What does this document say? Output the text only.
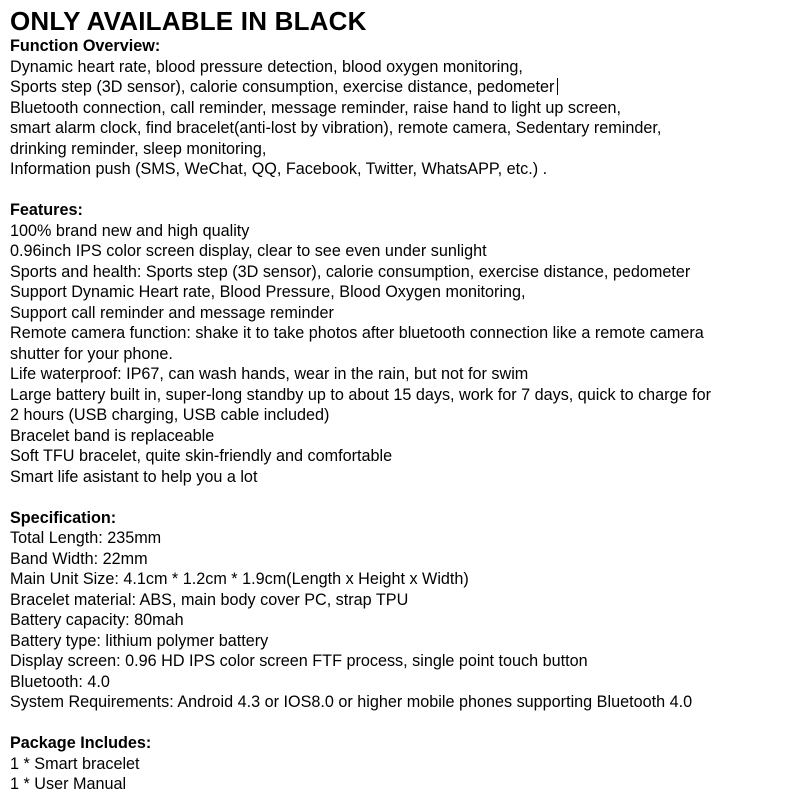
ONLY AVAILABLE IN BLACK

Function Overview:

Dynamic heart rate, blood pressure detection, blood oxygen monitoring,

Sports step (3D sensor), calorie consumption, exercise distance, pedometer

Bluetooth connection, call reminder, message reminder, raise hand to light up screen,

smart alarm clock, find bracelet(anti-lost by vibration), remote camera, Sedentary reminder,

drinking reminder, sleep monitoring,

Information push (SMS, WeChat, QQ, Facebook, Twitter, WhatsAPP, etc.) .

Features:

100% brand new and high quality

0.96inch IPS color screen display, clear to see even under sunlight

Sports and health: Sports step (3D sensor), calorie consumption, exercise distance, pedometer

Support Dynamic Heart rate, Blood Pressure, Blood Oxygen monitoring,

Support call reminder and message reminder

Remote camera function: shake it to take photos after bluetooth connection like a remote camera

shutter for your phone.

Life waterproof: IP67, can wash hands, wear in the rain, but not for swim

Large battery built in, super-long standby up to about 15 days, work for 7 days, quick to charge for

2 hours (USB charging, USB cable included)

Bracelet band is replaceable

Soft TFU bracelet, quite skin-friendly and comfortable

Smart life asistant to help you a lot

Specification:

Total Length: 235mm

Band Width: 22mm

Main Unit Size: 4.1cm * 1.2cm * 1.9cm(Length x Height x Width)

Bracelet material: ABS, main body cover PC, strap TPU

Battery capacity: 80mah

Battery type: lithium polymer battery

Display screen: 0.96 HD IPS color screen FTF process, single point touch button

Bluetooth: 4.0

System Requirements: Android 4.3 or IOS8.0 or higher mobile phones supporting Bluetooth 4.0

Package Includes:

1 * Smart bracelet

1 * User Manual
